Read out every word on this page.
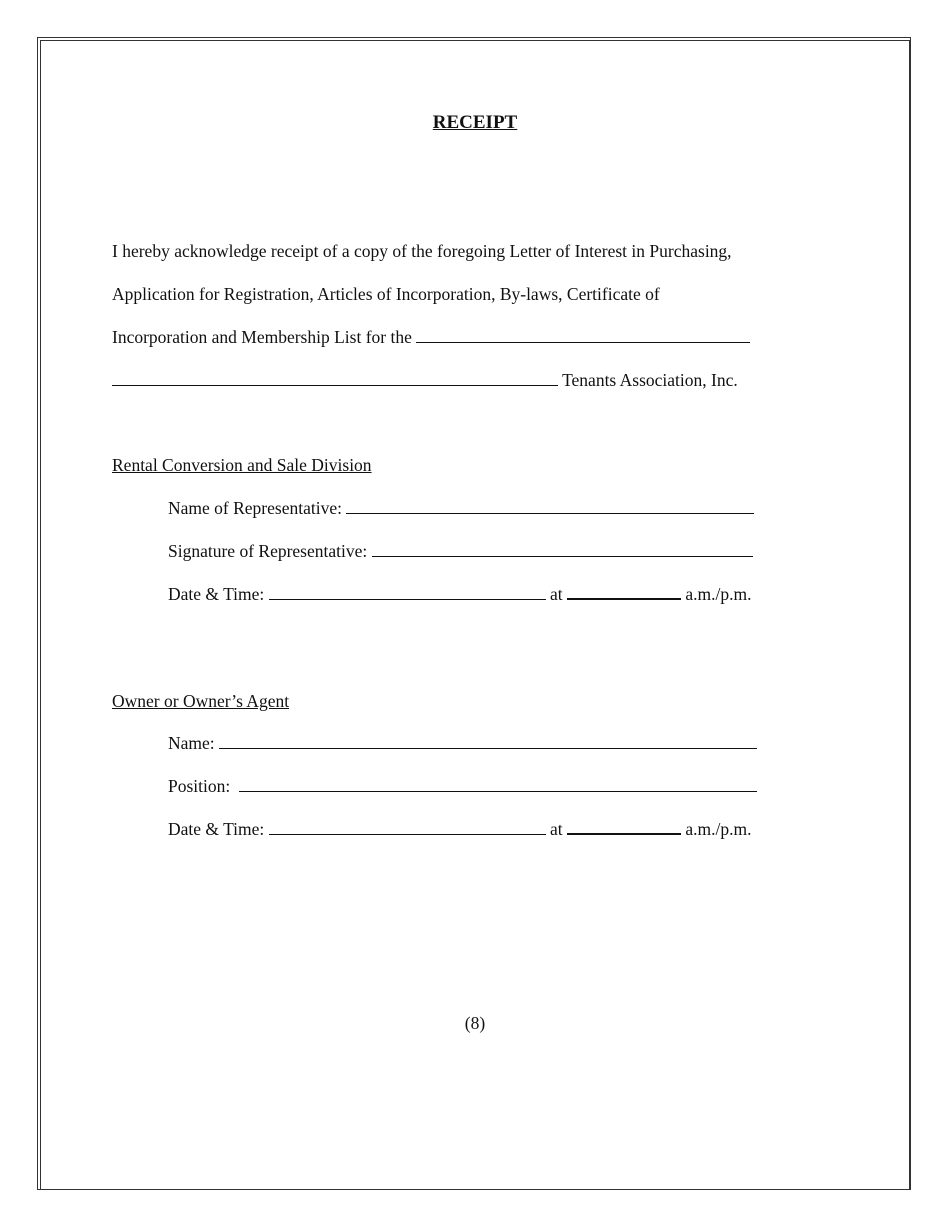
RECEIPT
I hereby acknowledge receipt of a copy of the foregoing Letter of Interest in Purchasing,
Application for Registration, Articles of Incorporation, By-laws, Certificate of
Incorporation and Membership List for the
Tenants Association, Inc.
Rental Conversion and Sale Division
Name of Representative:
Signature of Representative:
Date & Time:	at	a.m./p.m.
Owner or Owner’s Agent
Name:
Position:
Date & Time:	at	a.m./p.m.
(8)
